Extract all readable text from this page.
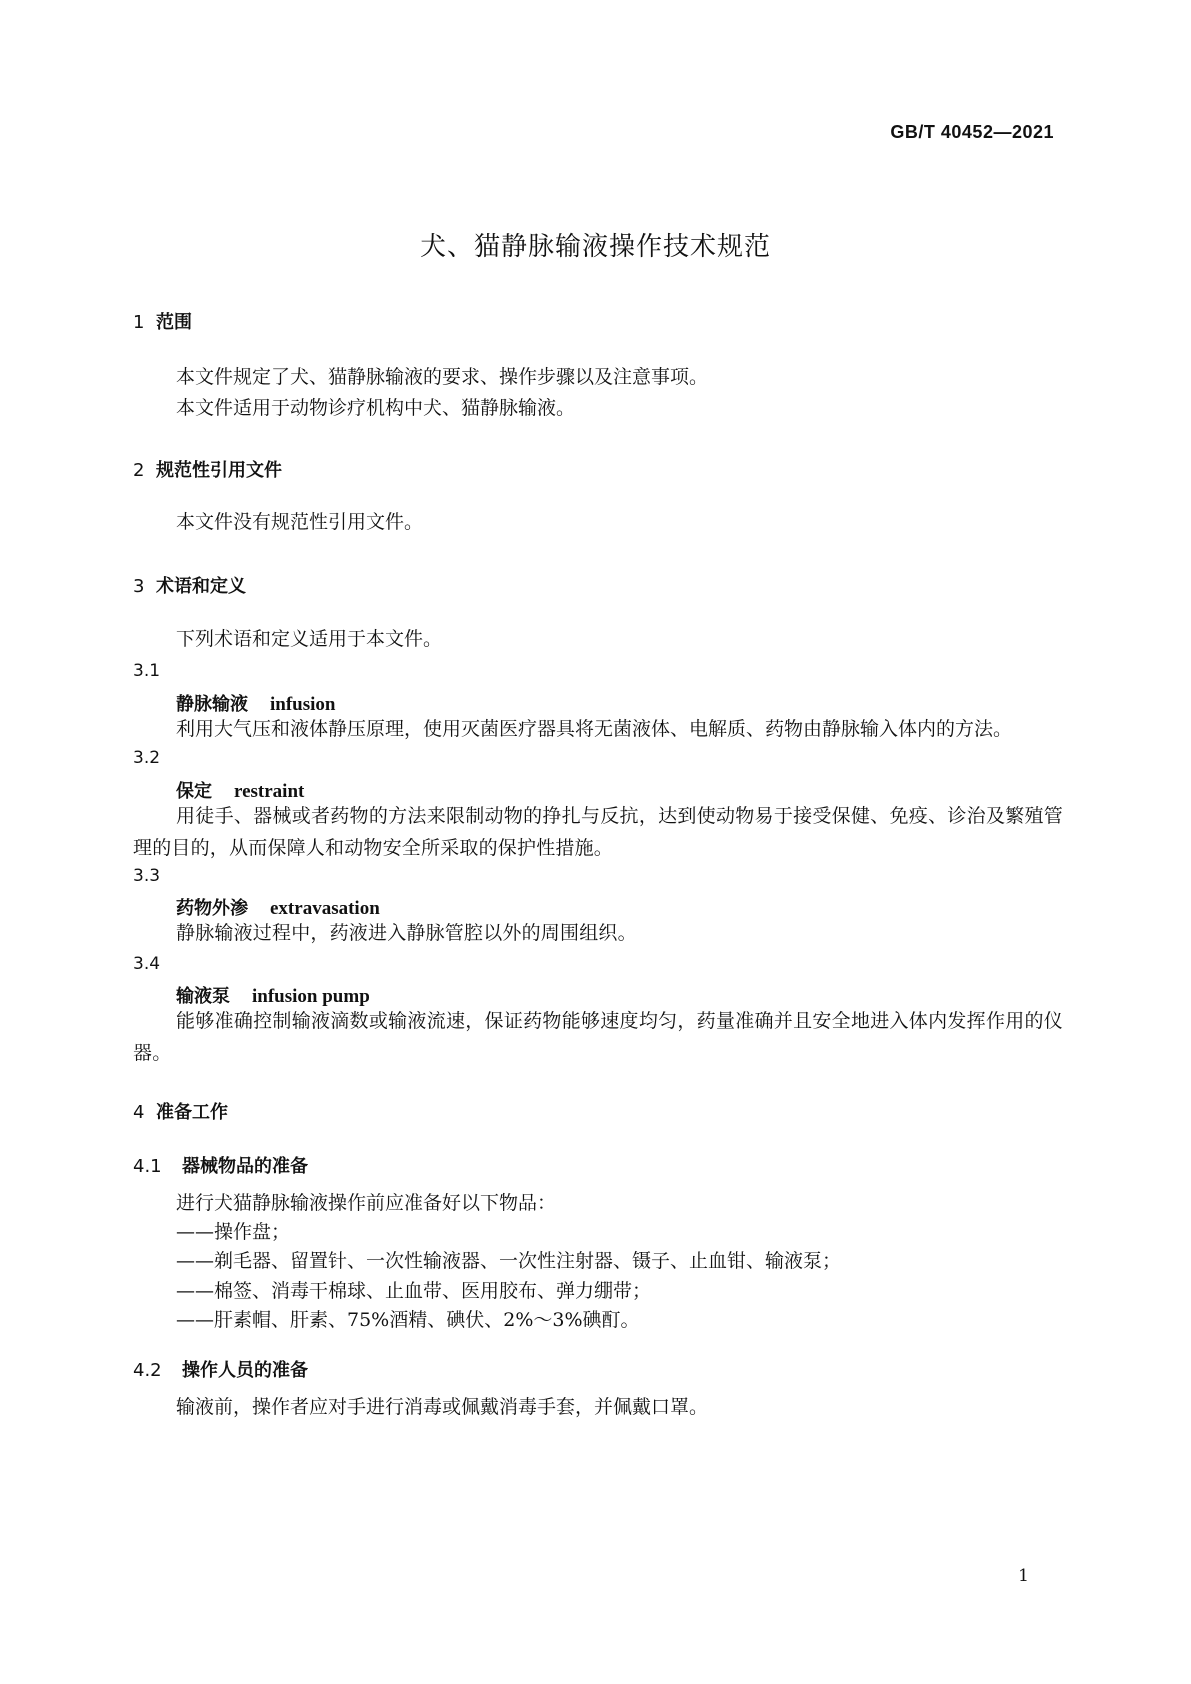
GB/T 40452—2021
犬、猫静脉输液操作技术规范
1 范围
本文件规定了犬、猫静脉输液的要求、操作步骤以及注意事项。
本文件适用于动物诊疗机构中犬、猫静脉输液。
2 规范性引用文件
本文件没有规范性引用文件。
3 术语和定义
下列术语和定义适用于本文件。
3.1
静脉输液 infusion
利用大气压和液体静压原理，使用灭菌医疗器具将无菌液体、电解质、药物由静脉输入体内的方法。
3.2
保定 restraint
用徒手、器械或者药物的方法来限制动物的挣扎与反抗，达到使动物易于接受保健、免疫、诊治及繁殖管理的目的，从而保障人和动物安全所采取的保护性措施。
3.3
药物外渗 extravasation
静脉输液过程中，药液进入静脉管腔以外的周围组织。
3.4
输液泵 infusion pump
能够准确控制输液滴数或输液流速，保证药物能够速度均匀，药量准确并且安全地进入体内发挥作用的仪器。
4 准备工作
4.1 器械物品的准备
进行犬猫静脉输液操作前应准备好以下物品：
——操作盘；
——剃毛器、留置针、一次性输液器、一次性注射器、镊子、止血钳、输液泵；
——棉签、消毒干棉球、止血带、医用胶布、弹力绷带；
——肝素帽、肝素、75%酒精、碘伏、2%～3%碘酊。
4.2 操作人员的准备
输液前，操作者应对手进行消毒或佩戴消毒手套，并佩戴口罩。
1
